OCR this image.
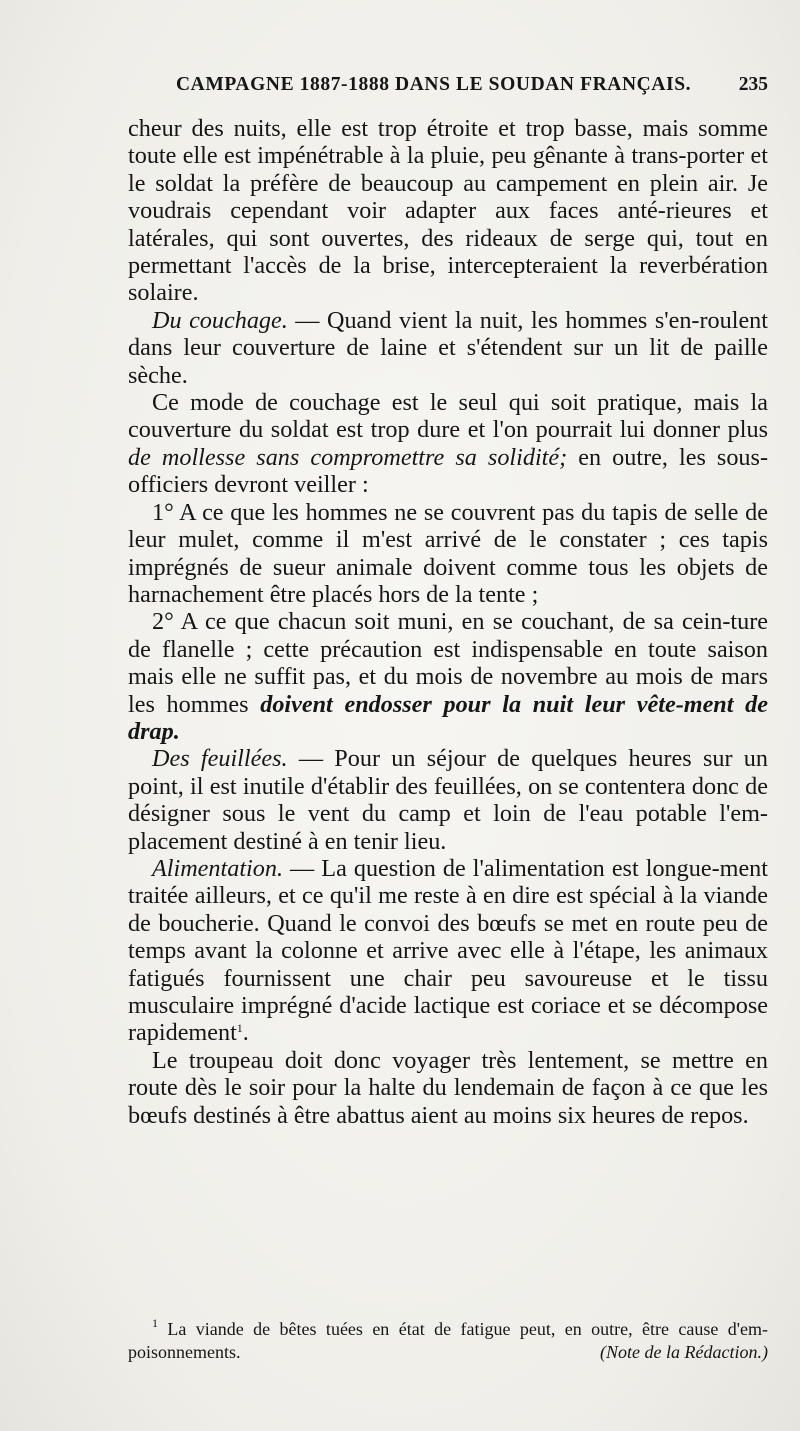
CAMPAGNE 1887-1888 DANS LE SOUDAN FRANÇAIS. 235

cheur des nuits, elle est trop étroite et trop basse, mais somme toute elle est impénétrable à la pluie, peu gênante à trans-porter et le soldat la préfère de beaucoup au campement en plein air. Je voudrais cependant voir adapter aux faces anté-rieures et latérales, qui sont ouvertes, des rideaux de serge qui, tout en permettant l'accès de la brise, intercepteraient la reverbération solaire.

Du couchage. — Quand vient la nuit, les hommes s'en-roulent dans leur couverture de laine et s'étendent sur un lit de paille sèche.

Ce mode de couchage est le seul qui soit pratique, mais la couverture du soldat est trop dure et l'on pourrait lui donner plus de mollesse sans compromettre sa solidité; en outre, les sous-officiers devront veiller :

1° A ce que les hommes ne se couvrent pas du tapis de selle de leur mulet, comme il m'est arrivé de le constater ; ces tapis imprégnés de sueur animale doivent comme tous les objets de harnachement être placés hors de la tente ;

2° A ce que chacun soit muni, en se couchant, de sa cein-ture de flanelle ; cette précaution est indispensable en toute saison mais elle ne suffit pas, et du mois de novembre au mois de mars les hommes doivent endosser pour la nuit leur vête-ment de drap.

Des feuillées. — Pour un séjour de quelques heures sur un point, il est inutile d'établir des feuillées, on se contentera donc de désigner sous le vent du camp et loin de l'eau potable l'em-placement destiné à en tenir lieu.

Alimentation. — La question de l'alimentation est longue-ment traitée ailleurs, et ce qu'il me reste à en dire est spécial à la viande de boucherie. Quand le convoi des bœufs se met en route peu de temps avant la colonne et arrive avec elle à l'étape, les animaux fatigués fournissent une chair peu savoureuse et le tissu musculaire imprégné d'acide lactique est coriace et se décompose rapidement$^1$.

Le troupeau doit donc voyager très lentement, se mettre en route dès le soir pour la halte du lendemain de façon à ce que les bœufs destinés à être abattus aient au moins six heures de repos.

$^1$ La viande de bêtes tuées en état de fatigue peut, en outre, être cause d'em-poisonnements.	(Note de la Rédaction.)
